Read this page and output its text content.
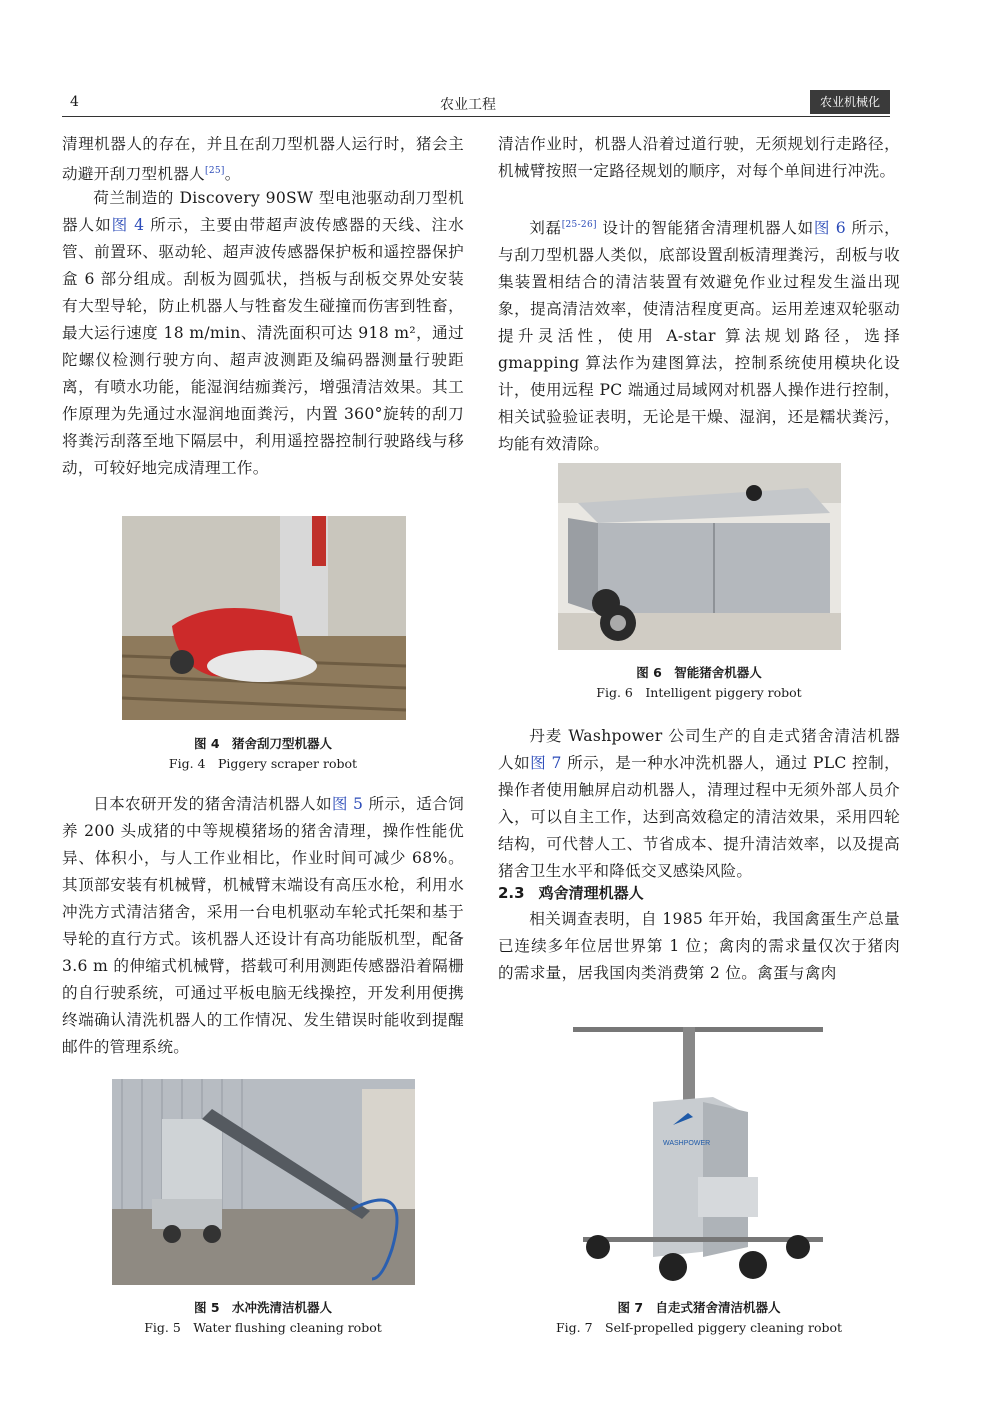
4	农业工程	农业机械化

清理机器人的存在，并且在刮刀型机器人运行时，猪会主动避开刮刀型机器人[25]。

荷兰制造的 Discovery 90SW 型电池驱动刮刀型机器人如图 4 所示，主要由带超声波传感器的天线、注水管、前置环、驱动轮、超声波传感器保护板和遥控器保护盒 6 部分组成。刮板为圆弧状，挡板与刮板交界处安装有大型导轮，防止机器人与牲畜发生碰撞而伤害到牲畜，最大运行速度 18 m/min、清洗面积可达 918 m²，通过陀螺仪检测行驶方向、超声波测距及编码器测量行驶距离，有喷水功能，能湿润结痂粪污，增强清洁效果。其工作原理为先通过水湿润地面粪污，内置 360°旋转的刮刀将粪污刮落至地下隔层中，利用遥控器控制行驶路线与移动，可较好地完成清理工作。

图 4　猪舍刮刀型机器人
Fig. 4　Piggery scraper robot

日本农研开发的猪舍清洁机器人如图 5 所示，适合饲养 200 头成猪的中等规模猪场的猪舍清理，操作性能优异、体积小，与人工作业相比，作业时间可减少 68%。其顶部安装有机械臂，机械臂末端设有高压水枪，利用水冲洗方式清洁猪舍，采用一台电机驱动车轮式托架和基于导轮的直行方式。该机器人还设计有高功能版机型，配备 3.6 m 的伸缩式机械臂，搭载可利用测距传感器沿着隔栅的自行驶系统，可通过平板电脑无线操控，开发利用便携终端确认清洗机器人的工作情况、发生错误时能收到提醒邮件的管理系统。

图 5　水冲洗清洁机器人
Fig. 5　Water flushing cleaning robot

清洁作业时，机器人沿着过道行驶，无须规划行走路径，机械臂按照一定路径规划的顺序，对每个单间进行冲洗。

刘磊[25-26] 设计的智能猪舍清理机器人如图 6 所示，与刮刀型机器人类似，底部设置刮板清理粪污，刮板与收集装置相结合的清洁装置有效避免作业过程发生溢出现象，提高清洁效率，使清洁程度更高。运用差速双轮驱动提升灵活性，使用 A-star 算法规划路径，选择 gmapping 算法作为建图算法，控制系统使用模块化设计，使用远程 PC 端通过局域网对机器人操作进行控制，相关试验验证表明，无论是干燥、湿润，还是糯状粪污，均能有效清除。

图 6　智能猪舍机器人
Fig. 6　Intelligent piggery robot

丹麦 Washpower 公司生产的自走式猪舍清洁机器人如图 7 所示，是一种水冲洗机器人，通过 PLC 控制，操作者使用触屏启动机器人，清理过程中无须外部人员介入，可以自主工作，达到高效稳定的清洁效果，采用四轮结构，可代替人工、节省成本、提升清洁效率，以及提高猪舍卫生水平和降低交叉感染风险。

2.3 鸡舍清理机器人

相关调查表明，自 1985 年开始，我国禽蛋生产总量已连续多年位居世界第 1 位；禽肉的需求量仅次于猪肉的需求量，居我国肉类消费第 2 位。禽蛋与禽肉

WASHPOWER
图 7　自走式猪舍清洁机器人
Fig. 7　Self-propelled piggery cleaning robot
